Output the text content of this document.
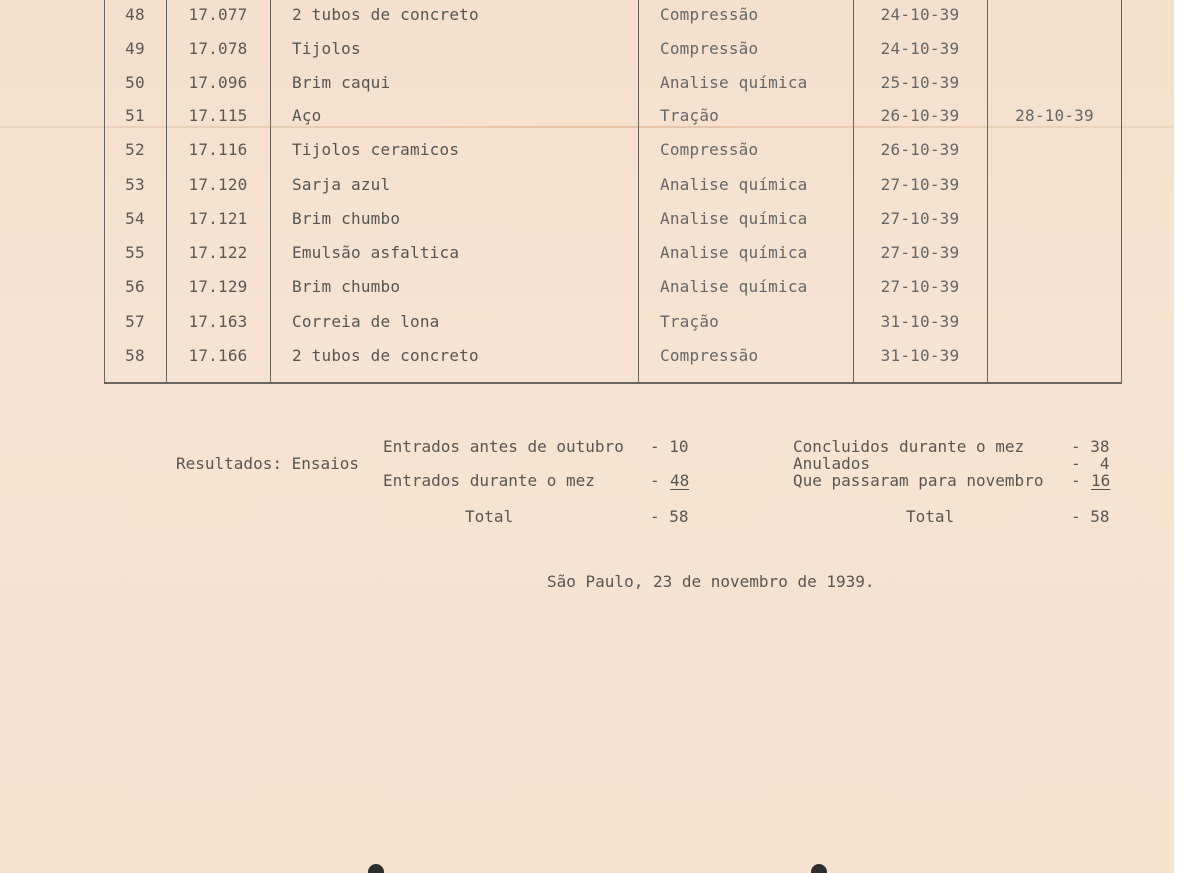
48	17.077	2 tubos de concreto	Compressão	24-10-39
49	17.078	Tijolos	Compressão	24-10-39
50	17.096	Brim caqui	Analise química	25-10-39
51	17.115	Aço	Tração	26-10-39	28-10-39
52	17.116	Tijolos ceramicos	Compressão	26-10-39
53	17.120	Sarja azul	Analise química	27-10-39
54	17.121	Brim chumbo	Analise química	27-10-39
55	17.122	Emulsão asfaltica	Analise química	27-10-39
56	17.129	Brim chumbo	Analise química	27-10-39
57	17.163	Correia de lona	Tração	31-10-39
58	17.166	2 tubos de concreto	Compressão	31-10-39
Resultados: Ensaios
Entrados antes de outubro - 10
Entrados durante o mez	- 48
Total	- 58
Concluidos durante o mez	- 38
Anulados	-  4
Que passaram para novembro - 16
Total	- 58
São Paulo, 23 de novembro de 1939.
